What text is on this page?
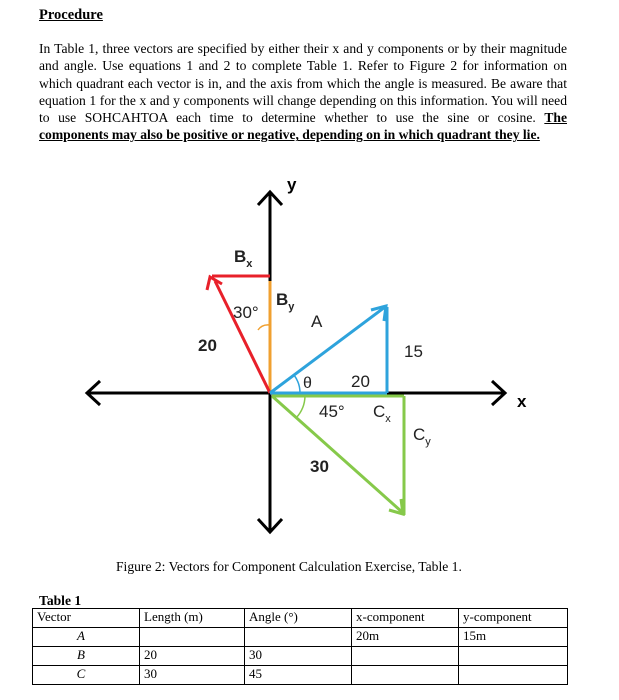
Procedure
In Table 1, three vectors are specified by either their x and y components or by their magnitude and angle. Use equations 1 and 2 to complete Table 1. Refer to Figure 2 for information on which quadrant each vector is in, and the axis from which the angle is measured. Be aware that equation 1 for the x and y components will change depending on this information. You will need to use SOHCAHTOA each time to determine whether to use the sine or cosine. The components may also be positive or negative, depending on in which quadrant they lie.
y
x
$B_x$
$B_y$
30°
20
A
θ 20
15
45° $C_x$
$C_y$
30
Figure 2: Vectors for Component Calculation Exercise, Table 1.
Table 1
Vector	Length (m)	Angle (°)	x-component	y-component
A⃗			20m	15m
B⃗	20	30		
C⃗	30	45		
